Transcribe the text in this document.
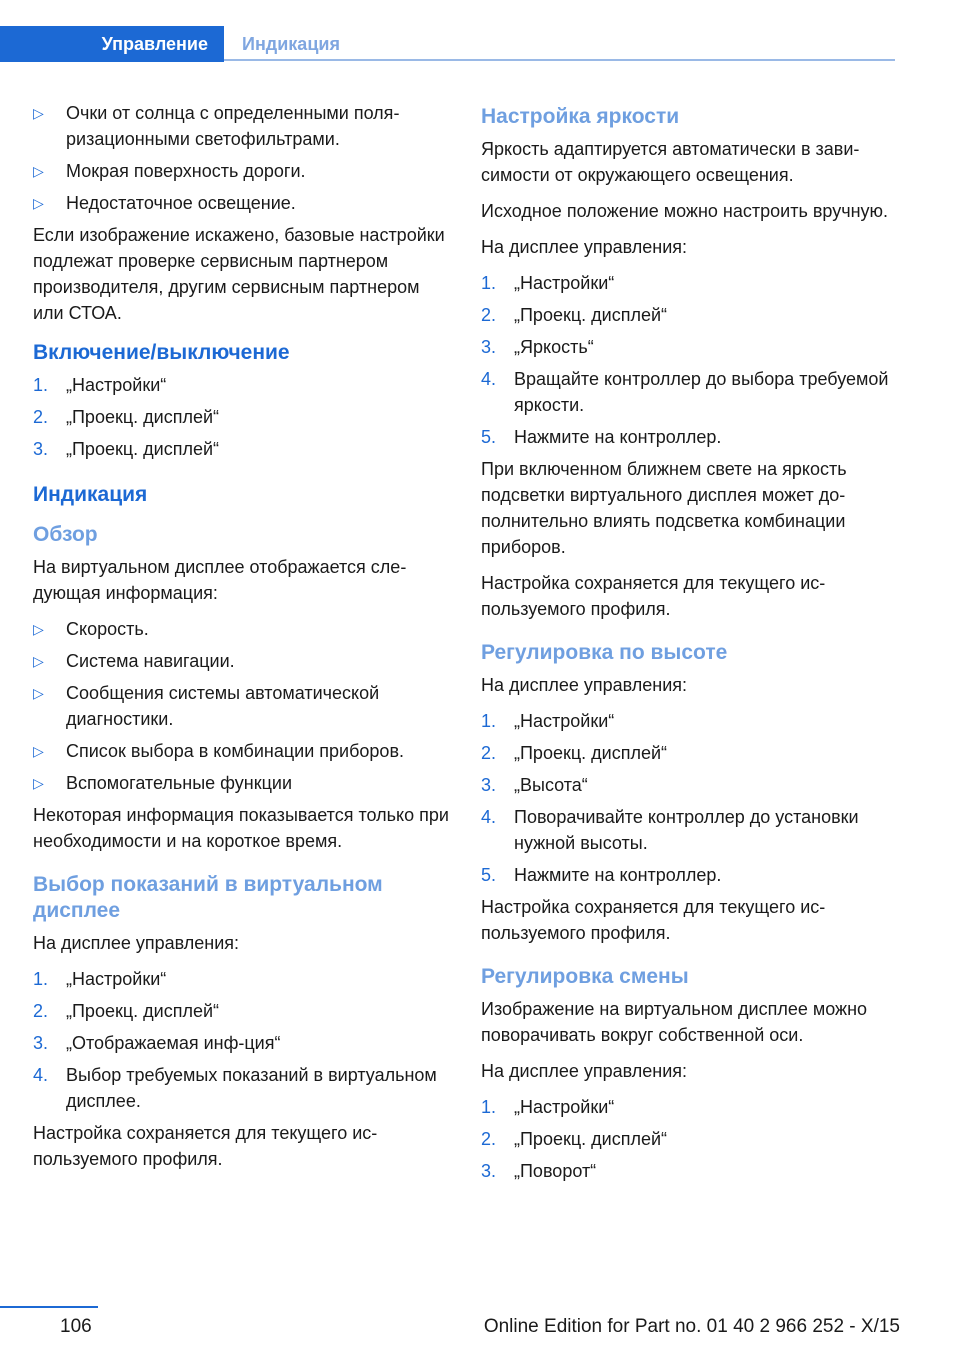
Управление Индикация
▷ Очки от солнца с определенными поляризационными светофильтрами.
▷ Мокрая поверхность дороги.
▷ Недостаточное освещение.

Если изображение искажено, базовые настройки подлежат проверке сервисным партнером производителя, другим сервисным партнером или СТОА.

Включение/выключение
1. „Настройки“
2. „Проекц. дисплей“
3. „Проекц. дисплей“
Индикация
Обзор

На виртуальном дисплее отображается следующая информация:

▷ Скорость.
▷ Система навигации.
▷ Сообщения системы автоматической диагностики.
▷ Список выбора в комбинации приборов.
▷ Вспомогательные функции

Некоторая информация показывается только при необходимости и на короткое время.

Выбор показаний в виртуальном дисплее

На дисплее управления:

1. „Настройки“
2. „Проекц. дисплей“
3. „Отображаемая инф-ция“
4. Выбор требуемых показаний в виртуальном дисплее.

Настройка сохраняется для текущего используемого профиля.

Настройка яркости

Яркость адаптируется автоматически в зависимости от окружающего освещения.

Исходное положение можно настроить вручную.

На дисплее управления:

1. „Настройки“
2. „Проекц. дисплей“
3. „Яркость“
4. Вращайте контроллер до выбора требуемой яркости.
5. Нажмите на контроллер.

При включенном ближнем свете на яркость подсветки виртуального дисплея может дополнительно влиять подсветка комбинации приборов.

Настройка сохраняется для текущего используемого профиля.

Регулировка по высоте

На дисплее управления:

1. „Настройки“
2. „Проекц. дисплей“
3. „Высота“
4. Поворачивайте контроллер до установки нужной высоты.
5. Нажмите на контроллер.

Настройка сохраняется для текущего используемого профиля.

Регулировка смены

Изображение на виртуальном дисплее можно поворачивать вокруг собственной оси.

На дисплее управления:

1. „Настройки“
2. „Проекц. дисплей“
3. „Поворот“
106	Online Edition for Part no. 01 40 2 966 252 - X/15
